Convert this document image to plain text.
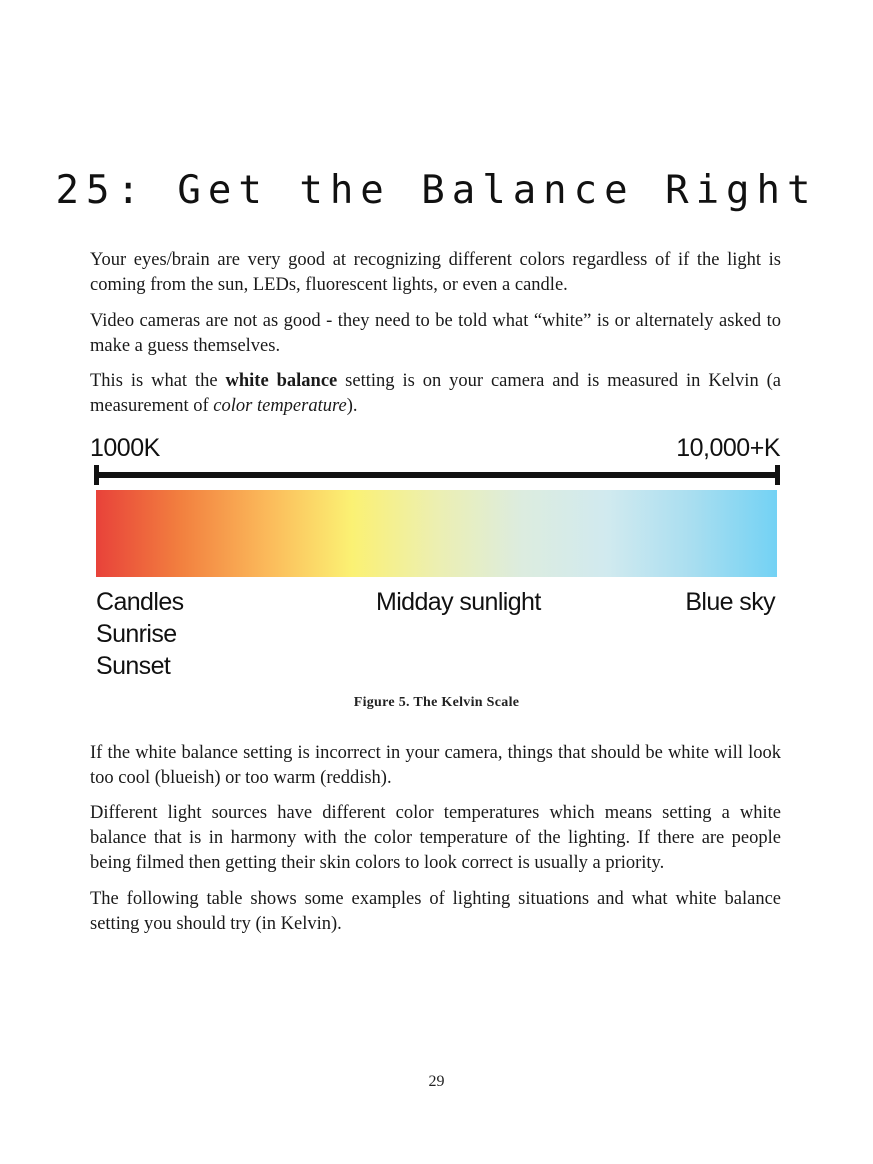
25: Get the Balance Right

Your eyes/brain are very good at recognizing different colors regardless of if the light is coming from the sun, LEDs, fluorescent lights, or even a candle.

Video cameras are not as good - they need to be told what “white” is or alternately asked to make a guess themselves.

This is what the white balance setting is on your camera and is measured in Kelvin (a measurement of color temperature).

1000K	10,000+K
Candles
Sunrise
Sunset
Midday sunlight	Blue sky
Figure 5. The Kelvin Scale

If the white balance setting is incorrect in your camera, things that should be white will look too cool (blueish) or too warm (reddish).

Different light sources have different color temperatures which means setting a white balance that is in harmony with the color temperature of the lighting. If there are people being filmed then getting their skin colors to look correct is usually a priority.

The following table shows some examples of lighting situations and what white balance setting you should try (in Kelvin).

29
